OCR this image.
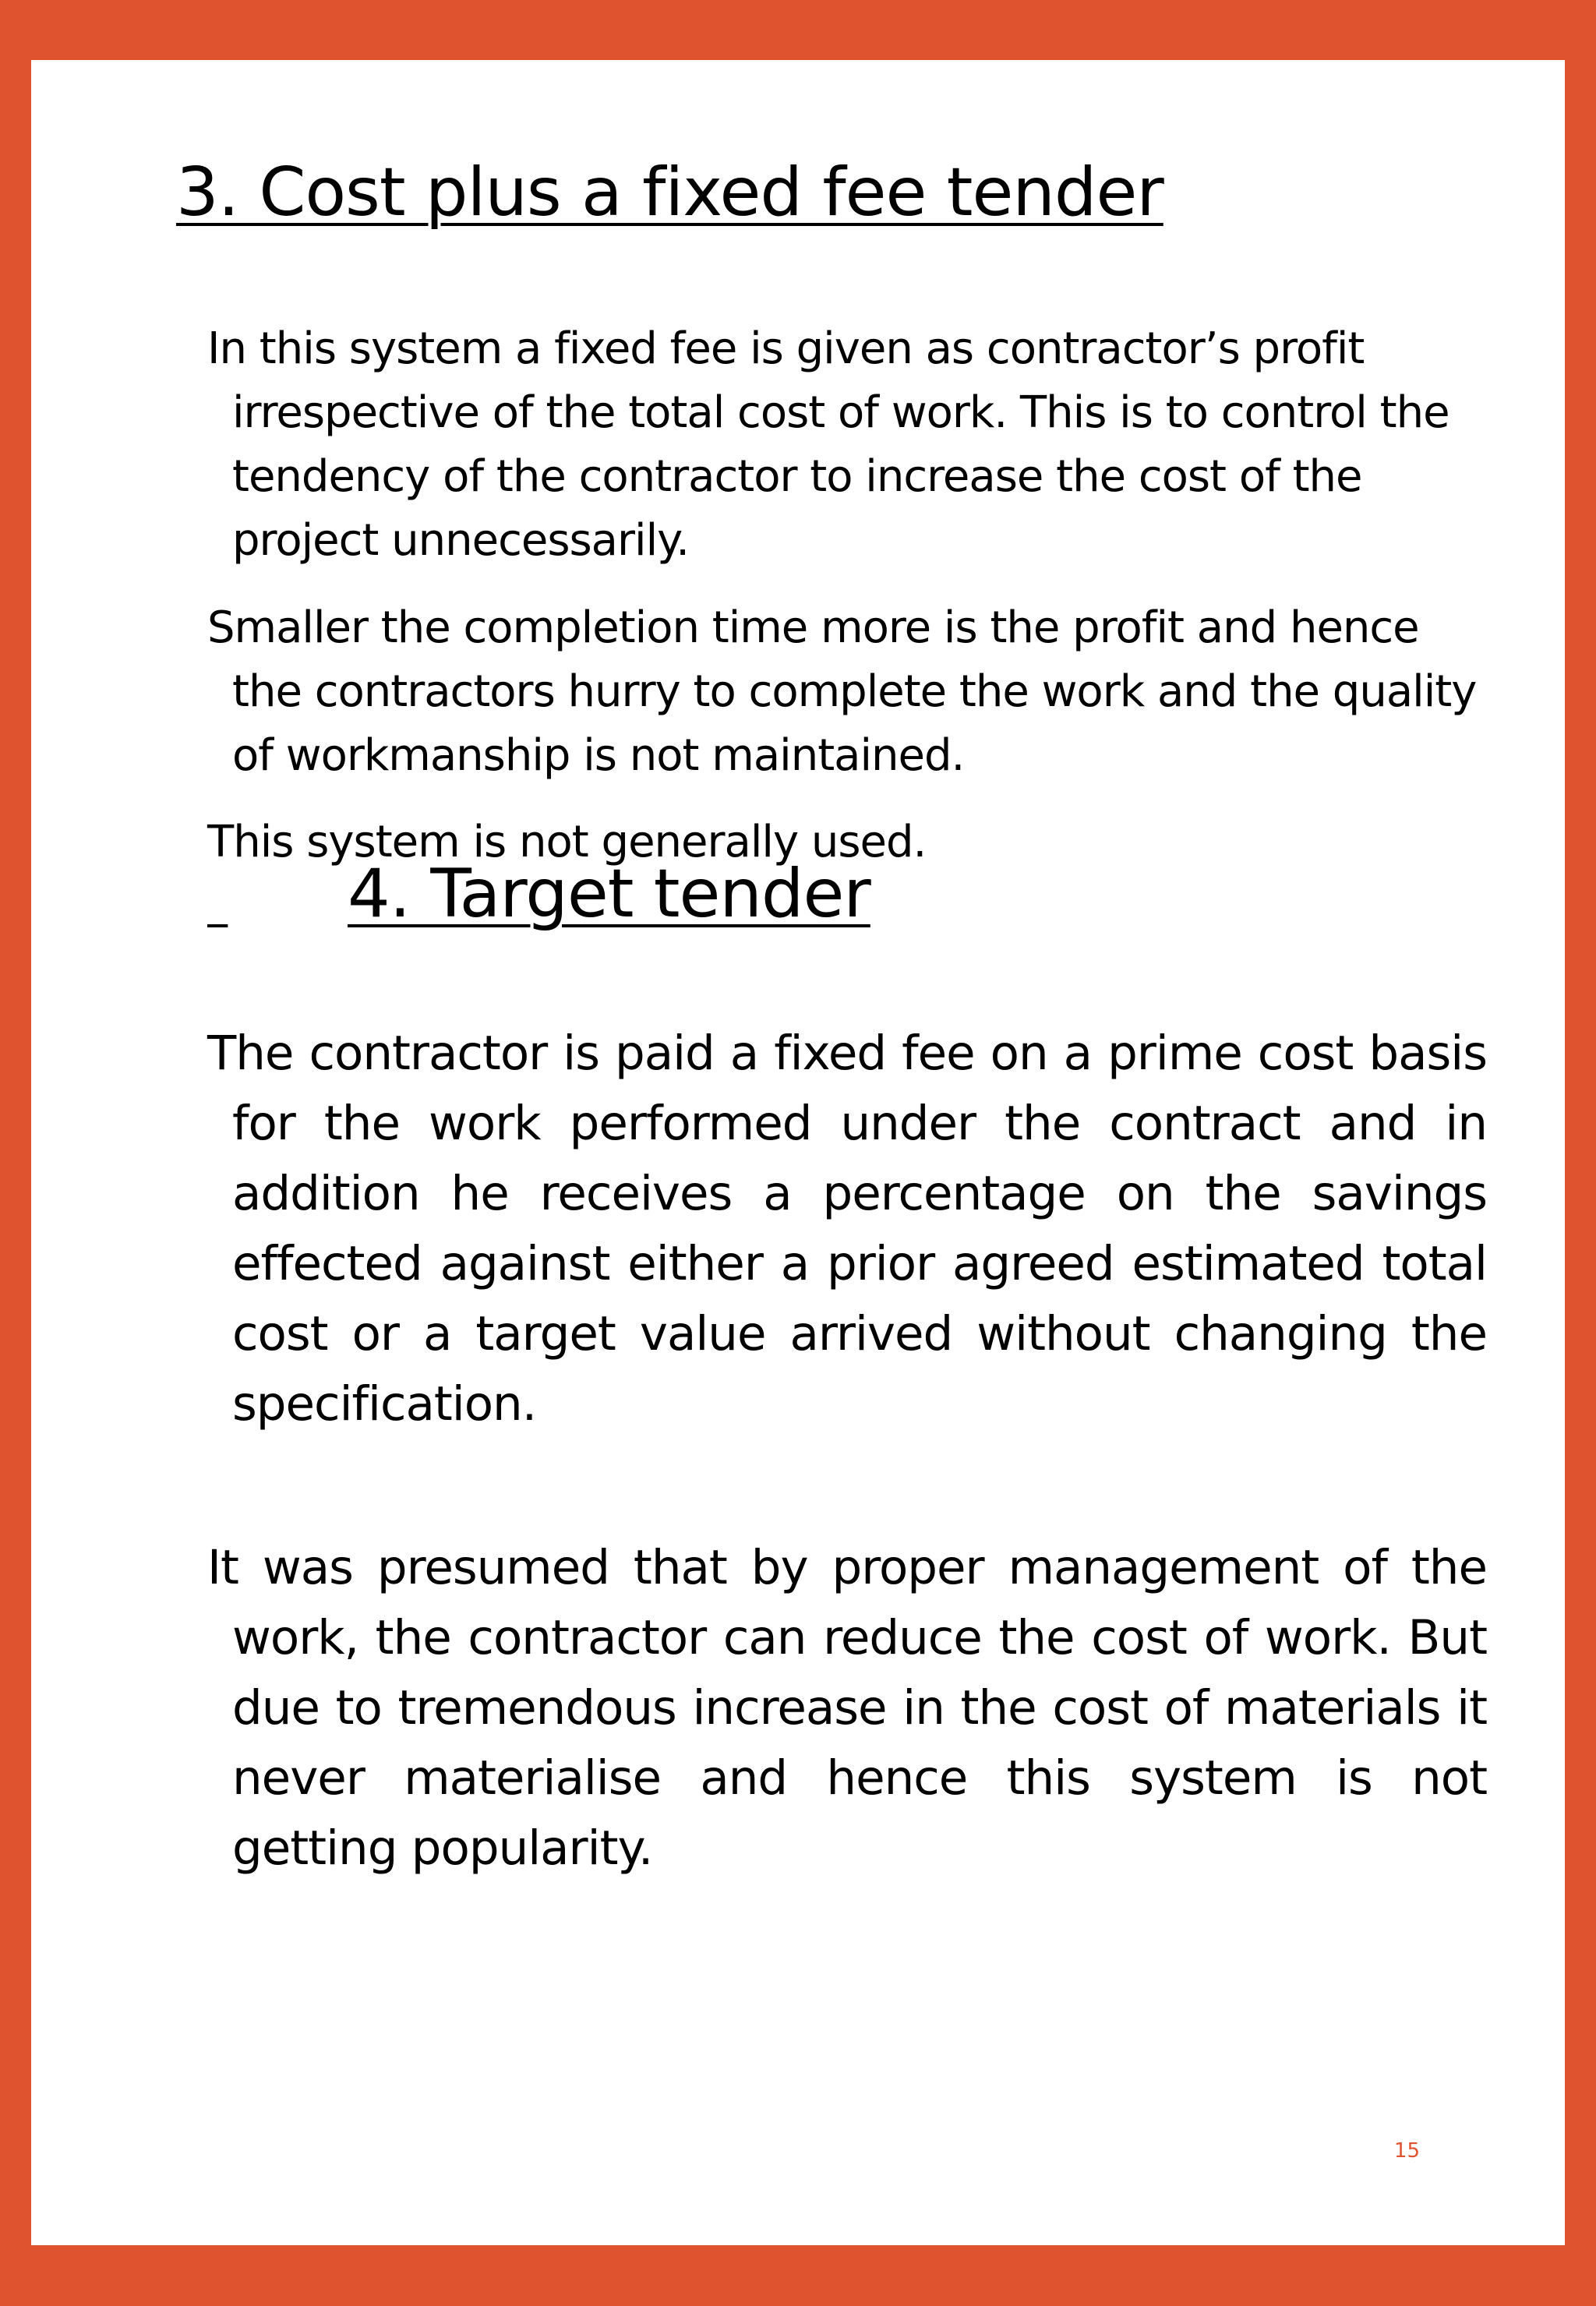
3. Cost plus a fixed fee tender

In this system a fixed fee is given as contractor’s profit irrespective of the total cost of work. This is to control the tendency of the contractor to increase the cost of the project unnecessarily.

Smaller the completion time more is the profit and hence the contractors hurry to complete the work and the quality of workmanship is not maintained.

This system is not generally used.

4. Target tender

The contractor is paid a fixed fee on a prime cost basis for the work performed under the contract and in addition he receives a percentage on the savings effected against either a prior agreed estimated total cost or a target value arrived without changing the specification.

It was presumed that by proper management of the work, the contractor can reduce the cost of work. But due to tremendous increase in the cost of materials it never materialise and hence this system is not getting popularity.

15
